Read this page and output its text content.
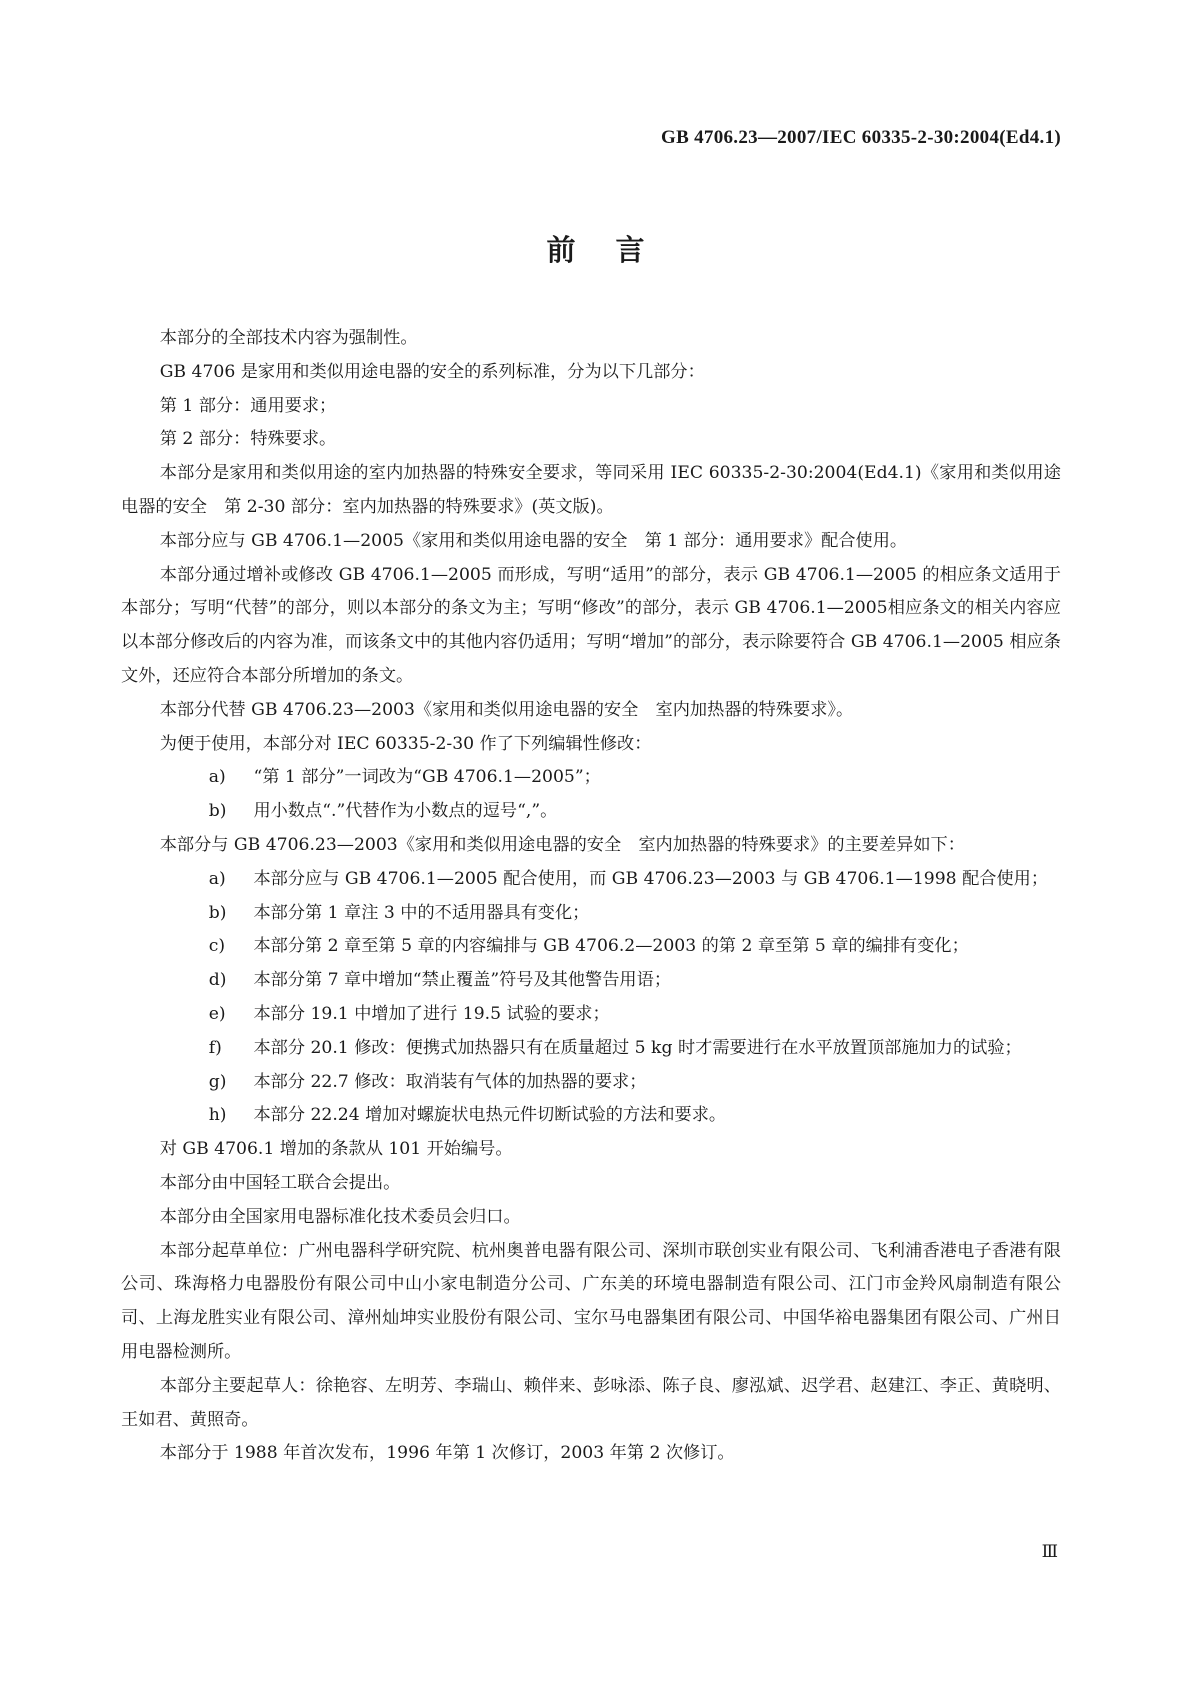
GB 4706.23—2007/IEC 60335-2-30:2004(Ed4.1)
前言

本部分的全部技术内容为强制性。

GB 4706 是家用和类似用途电器的安全的系列标准，分为以下几部分：

第 1 部分：通用要求；

第 2 部分：特殊要求。

本部分是家用和类似用途的室内加热器的特殊安全要求，等同采用 IEC 60335-2-30:2004(Ed4.1)《家用和类似用途电器的安全　第 2-30 部分：室内加热器的特殊要求》(英文版)。

本部分应与 GB 4706.1—2005《家用和类似用途电器的安全　第 1 部分：通用要求》配合使用。

本部分通过增补或修改 GB 4706.1—2005 而形成，写明“适用”的部分，表示 GB 4706.1—2005 的相应条文适用于本部分；写明“代替”的部分，则以本部分的条文为主；写明“修改”的部分，表示 GB 4706.1—2005相应条文的相关内容应以本部分修改后的内容为准，而该条文中的其他内容仍适用；写明“增加”的部分，表示除要符合 GB 4706.1—2005 相应条文外，还应符合本部分所增加的条文。

本部分代替 GB 4706.23—2003《家用和类似用途电器的安全　室内加热器的特殊要求》。

为便于使用，本部分对 IEC 60335-2-30 作了下列编辑性修改：

a) “第 1 部分”一词改为“GB 4706.1—2005”；

b) 用小数点“.”代替作为小数点的逗号“,”。

本部分与 GB 4706.23—2003《家用和类似用途电器的安全　室内加热器的特殊要求》的主要差异如下：

a) 本部分应与 GB 4706.1—2005 配合使用，而 GB 4706.23—2003 与 GB 4706.1—1998 配合使用；

b) 本部分第 1 章注 3 中的不适用器具有变化；

c) 本部分第 2 章至第 5 章的内容编排与 GB 4706.2—2003 的第 2 章至第 5 章的编排有变化；

d) 本部分第 7 章中增加“禁止覆盖”符号及其他警告用语；

e) 本部分 19.1 中增加了进行 19.5 试验的要求；

f) 本部分 20.1 修改：便携式加热器只有在质量超过 5 kg 时才需要进行在水平放置顶部施加力的试验；

g) 本部分 22.7 修改：取消装有气体的加热器的要求；

h) 本部分 22.24 增加对螺旋状电热元件切断试验的方法和要求。

对 GB 4706.1 增加的条款从 101 开始编号。

本部分由中国轻工联合会提出。

本部分由全国家用电器标准化技术委员会归口。

本部分起草单位：广州电器科学研究院、杭州奥普电器有限公司、深圳市联创实业有限公司、飞利浦香港电子香港有限公司、珠海格力电器股份有限公司中山小家电制造分公司、广东美的环境电器制造有限公司、江门市金羚风扇制造有限公司、上海龙胜实业有限公司、漳州灿坤实业股份有限公司、宝尔马电器集团有限公司、中国华裕电器集团有限公司、广州日用电器检测所。

本部分主要起草人：徐艳容、左明芳、李瑞山、赖伴来、彭咏添、陈子良、廖泓斌、迟学君、赵建江、李正、黄晓明、王如君、黄照奇。

本部分于 1988 年首次发布，1996 年第 1 次修订，2003 年第 2 次修订。

Ⅲ
